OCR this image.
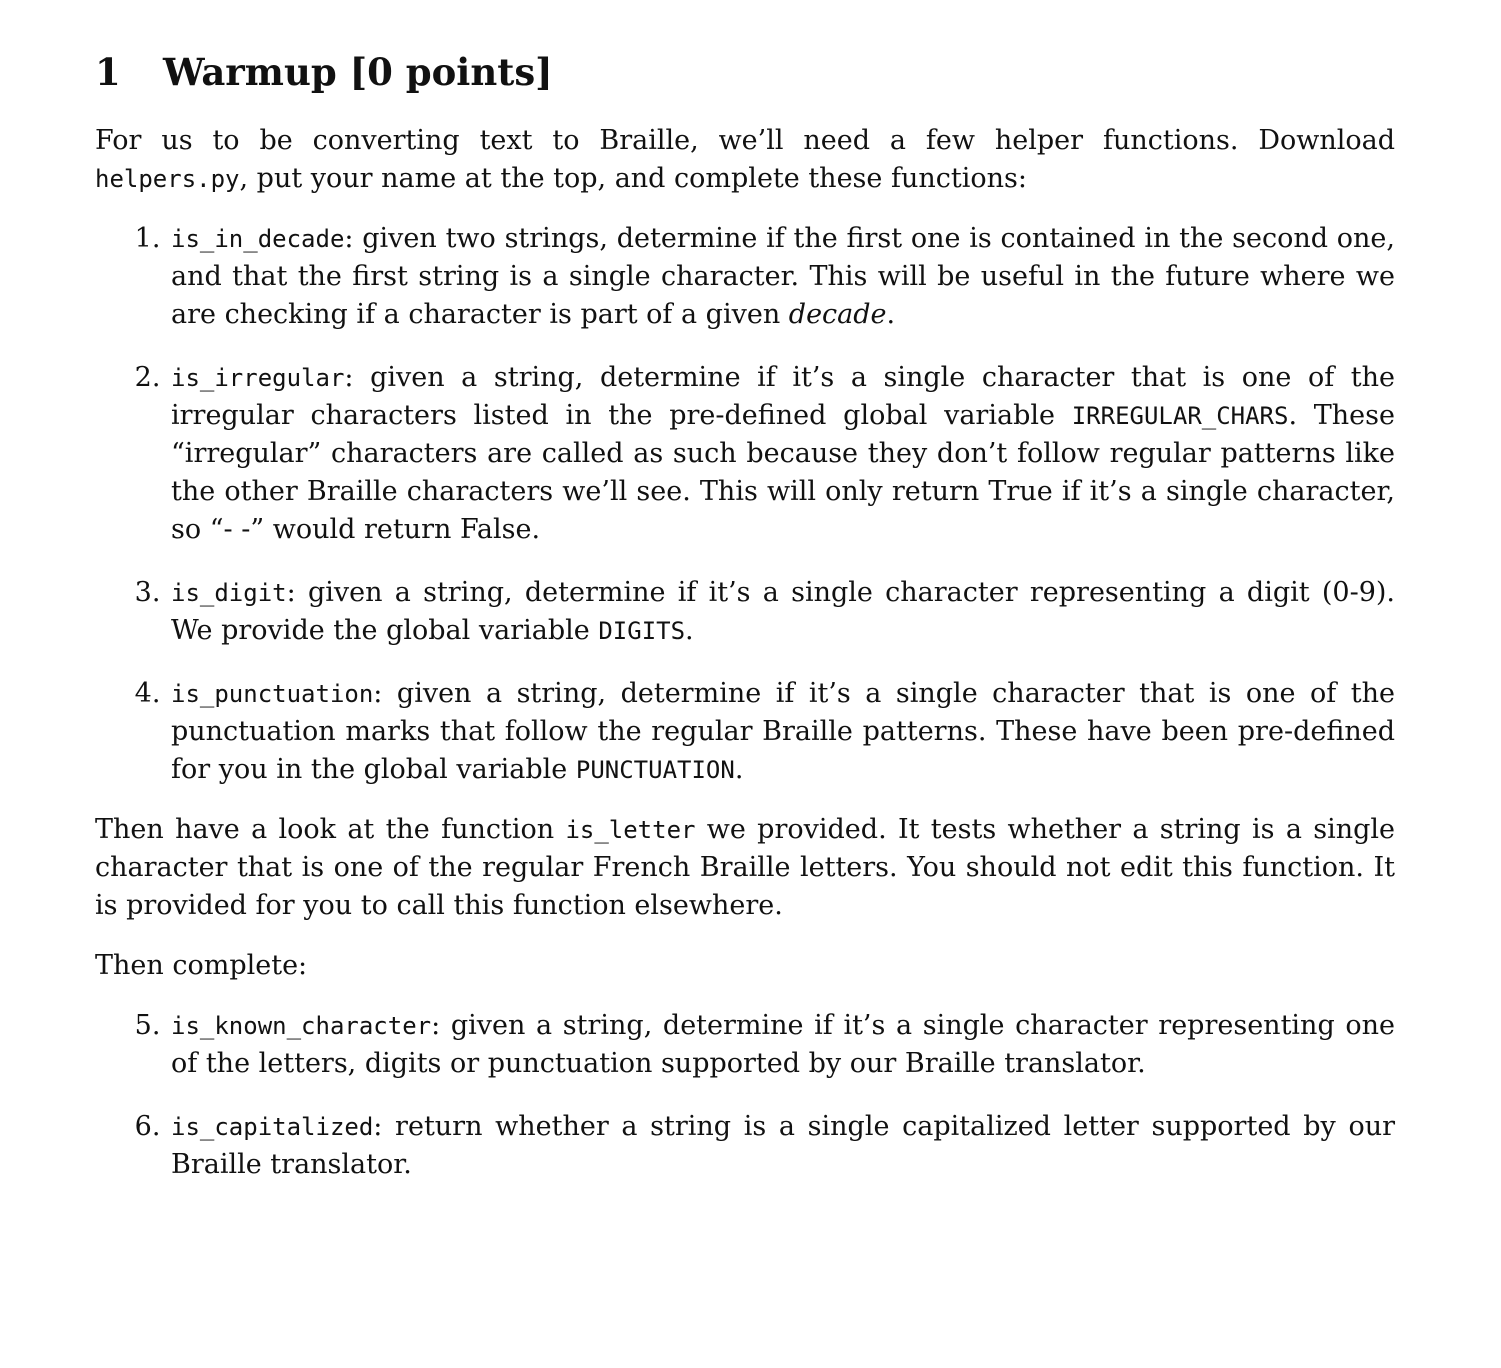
1 Warmup [0 points]

For us to be converting text to Braille, we’ll need a few helper functions. Download helpers.py, put your name at the top, and complete these functions:

1. is_in_decade: given two strings, determine if the first one is contained in the second one, and that the first string is a single character. This will be useful in the future where we are checking if a character is part of a given decade.
2. is_irregular: given a string, determine if it’s a single character that is one of the irregular characters listed in the pre-defined global variable IRREGULAR_CHARS. These “irregular” characters are called as such because they don’t follow regular patterns like the other Braille characters we’ll see. This will only return True if it’s a single character, so “- -” would return False.
3. is_digit: given a string, determine if it’s a single character representing a digit (0-9). We provide the global variable DIGITS.
4. is_punctuation: given a string, determine if it’s a single character that is one of the punctuation marks that follow the regular Braille patterns. These have been pre-defined for you in the global variable PUNCTUATION.

Then have a look at the function is_letter we provided. It tests whether a string is a single character that is one of the regular French Braille letters. You should not edit this function. It is provided for you to call this function elsewhere.

Then complete:

5. is_known_character: given a string, determine if it’s a single character representing one of the letters, digits or punctuation supported by our Braille translator.
6. is_capitalized: return whether a string is a single capitalized letter supported by our Braille translator.
